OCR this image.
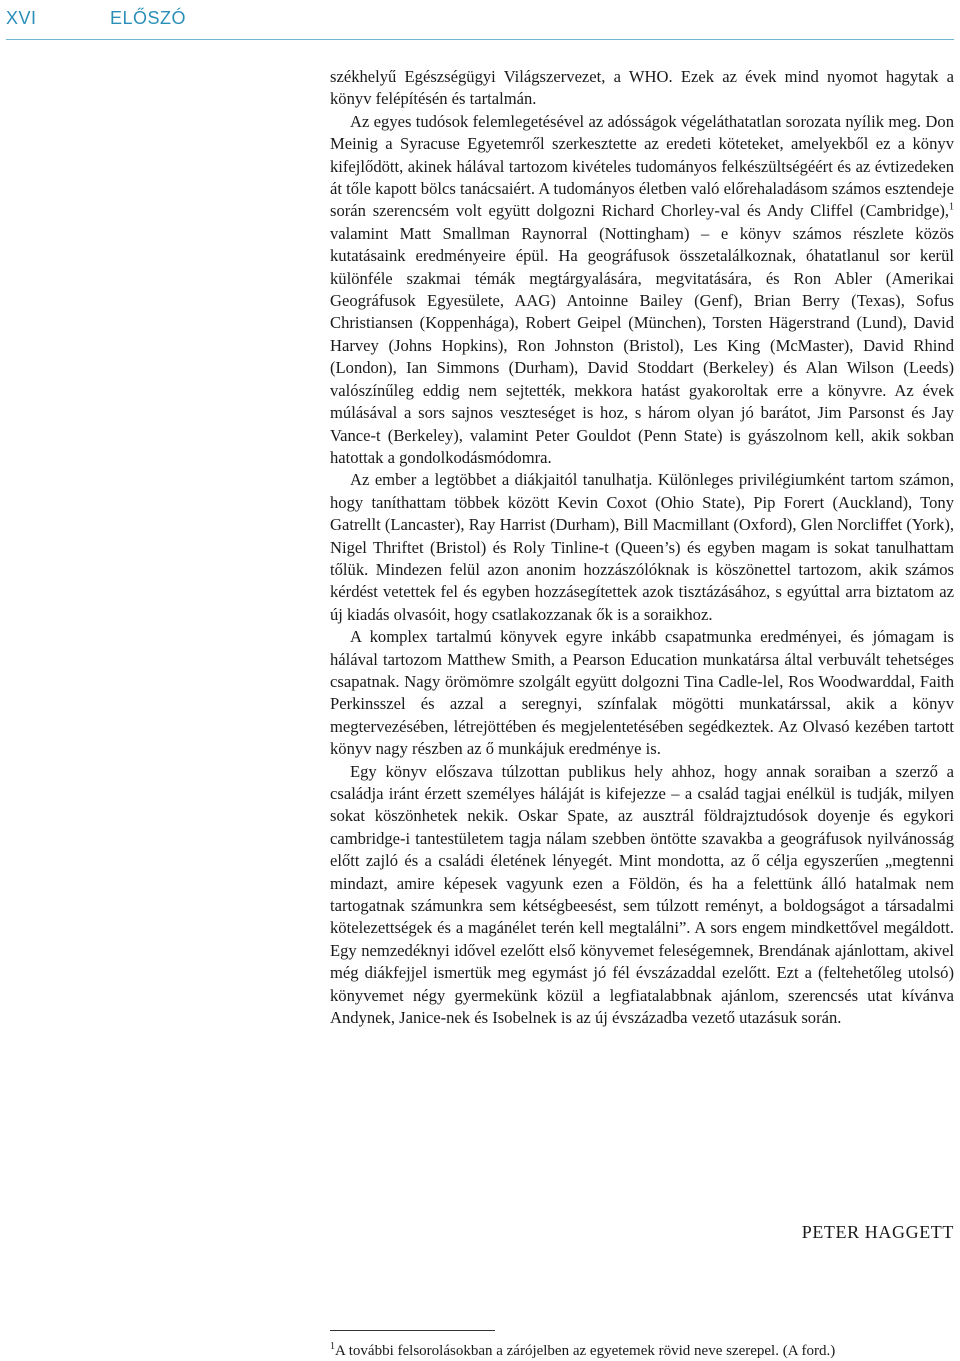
XVI	ELŐSZÓ

székhelyű Egészségügyi Világszervezet, a WHO. Ezek az évek mind nyomot hagytak a könyv felépítésén és tartalmán.

Az egyes tudósok felemlegetésével az adósságok végeláthatatlan sorozata nyílik meg. Don Meinig a Syracuse Egyetemről szerkesztette az eredeti köteteket, amelyekből ez a könyv kifejlődött, akinek hálával tartozom kivételes tudományos felkészültségéért és az évtizedeken át tőle kapott bölcs tanácsaiért. A tudományos életben való előrehaladásom számos esztendeje során szerencsém volt együtt dolgozni Richard Chorley-val és Andy Cliffel (Cambridge),$^1$ valamint Matt Smallman Raynorral (Nottingham) – e könyv számos részlete közös kutatásaink eredményeire épül. Ha geográfusok összetalálkoznak, óhatatlanul sor kerül különféle szakmai témák megtárgyalására, megvitatására, és Ron Abler (Amerikai Geográfusok Egyesülete, AAG) Antoinne Bailey (Genf), Brian Berry (Texas), Sofus Christiansen (Koppenhága), Robert Geipel (München), Torsten Hägerstrand (Lund), David Harvey (Johns Hopkins), Ron Johnston (Bristol), Les King (McMaster), David Rhind (London), Ian Simmons (Durham), David Stoddart (Berkeley) és Alan Wilson (Leeds) valószínűleg eddig nem sejtették, mekkora hatást gyakoroltak erre a könyvre. Az évek múlásával a sors sajnos veszteséget is hoz, s három olyan jó barátot, Jim Parsonst és Jay Vance-t (Berkeley), valamint Peter Gouldot (Penn State) is gyászolnom kell, akik sokban hatottak a gondolkodásmódomra.

Az ember a legtöbbet a diákjaitól tanulhatja. Különleges privilégiumként tartom számon, hogy taníthattam többek között Kevin Coxot (Ohio State), Pip Forert (Auckland), Tony Gatrellt (Lancaster), Ray Harrist (Durham), Bill Macmillant (Oxford), Glen Norcliffet (York), Nigel Thriftet (Bristol) és Roly Tinline-t (Queen’s) és egyben magam is sokat tanulhattam tőlük. Mindezen felül azon anonim hozzászólóknak is köszönettel tartozom, akik számos kérdést vetettek fel és egyben hozzásegítettek azok tisztázásához, s egyúttal arra biztatom az új kiadás olvasóit, hogy csatlakozzanak ők is a soraikhoz.

A komplex tartalmú könyvek egyre inkább csapatmunka eredményei, és jómagam is hálával tartozom Matthew Smith, a Pearson Education munkatársa által verbuvált tehetséges csapatnak. Nagy örömömre szolgált együtt dolgozni Tina Cadle-lel, Ros Woodwarddal, Faith Perkinsszel és azzal a seregnyi, színfalak mögötti munkatárssal, akik a könyv megtervezésében, létrejöttében és megjelentetésében segédkeztek. Az Olvasó kezében tartott könyv nagy részben az ő munkájuk eredménye is.

Egy könyv előszava túlzottan publikus hely ahhoz, hogy annak soraiban a szerző a családja iránt érzett személyes háláját is kifejezze – a család tagjai enélkül is tudják, milyen sokat köszönhetek nekik. Oskar Spate, az ausztrál földrajztudósok doyenje és egykori cambridge-i tantestületem tagja nálam szebben öntötte szavakba a geográfusok nyilvánosság előtt zajló és a családi életének lényegét. Mint mondotta, az ő célja egyszerűen „megtenni mindazt, amire képesek vagyunk ezen a Földön, és ha a felettünk álló hatalmak nem tartogatnak számunkra sem kétségbeesést, sem túlzott reményt, a boldogságot a társadalmi kötelezettségek és a magánélet terén kell megtalálni”. A sors engem mindkettővel megáldott. Egy nemzedéknyi idővel ezelőtt első könyvemet feleségemnek, Brendának ajánlottam, akivel még diákfejjel ismertük meg egymást jó fél évszázaddal ezelőtt. Ezt a (feltehetőleg utolsó) könyvemet négy gyermekünk közül a legfiatalabbnak ajánlom, szerencsés utat kívánva Andynek, Janice-nek és Isobelnek is az új évszázadba vezető utazásuk során.

PETER HAGGETT
$^1$A további felsorolásokban a zárójelben az egyetemek rövid neve szerepel. (A ford.)
